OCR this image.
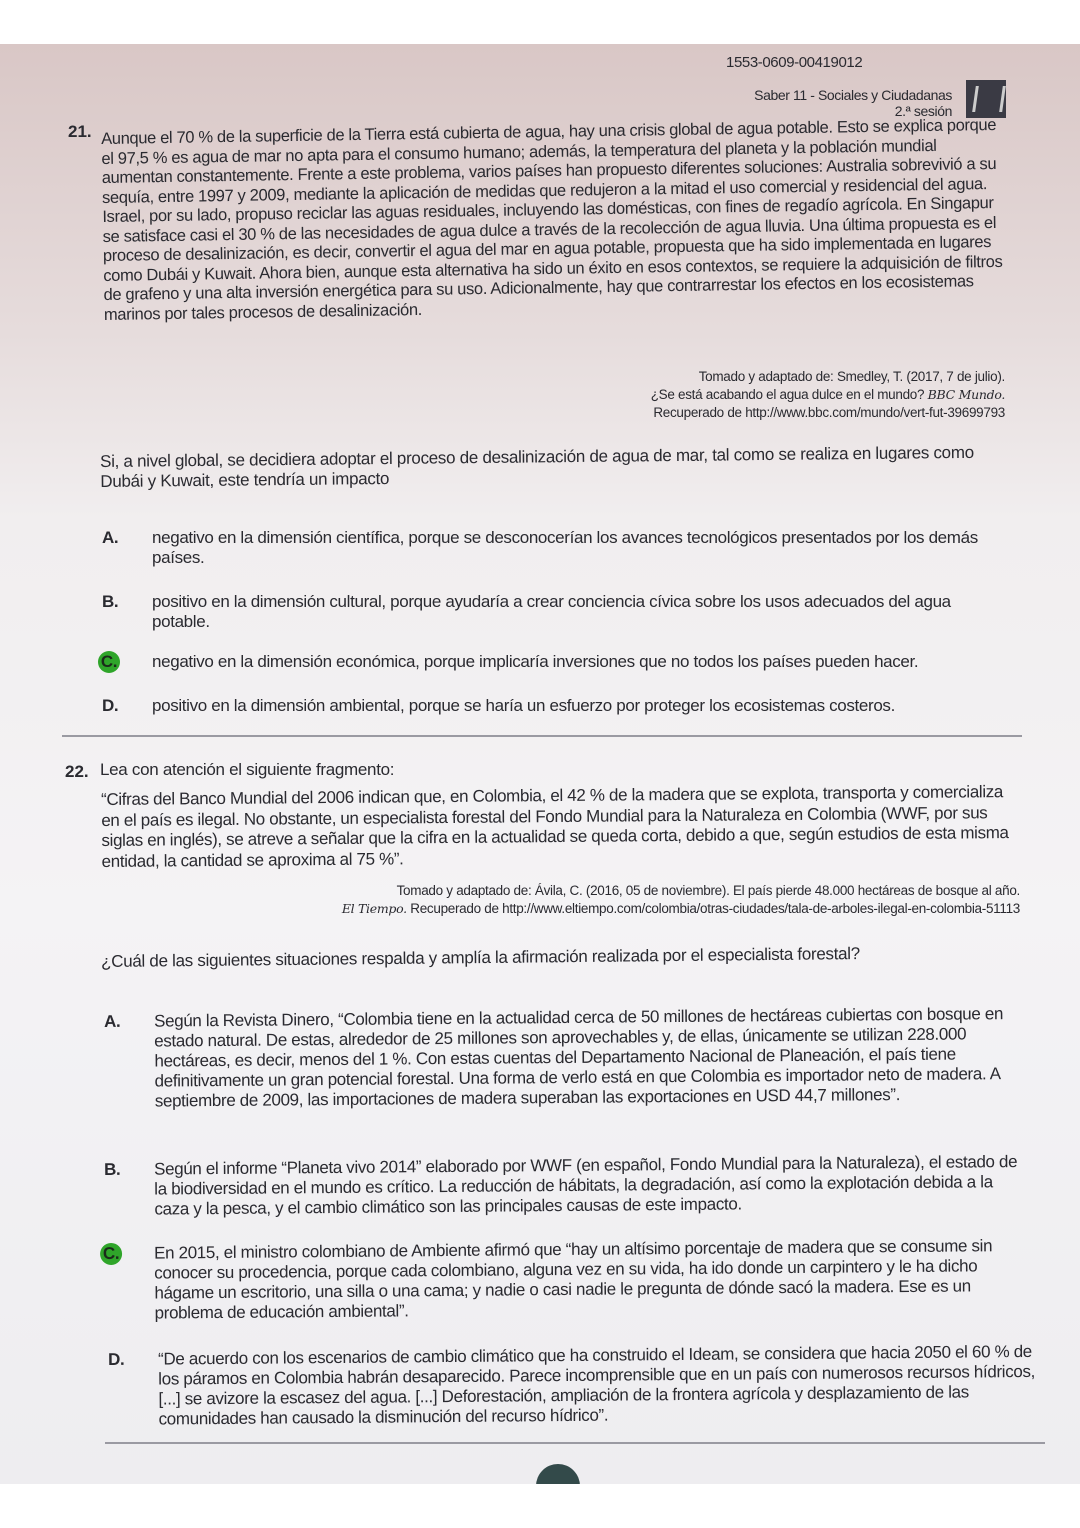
1553-0609-00419012
Saber 11 - Sociales y Ciudadanas
2.ª sesión
21. Aunque el 70 % de la superficie de la Tierra está cubierta de agua, hay una crisis global de agua potable. Esto se explica porque el 97,5 % es agua de mar no apta para el consumo humano; además, la temperatura del planeta y la población mundial aumentan constantemente. Frente a este problema, varios países han propuesto diferentes soluciones: Australia sobrevivió a su sequía, entre 1997 y 2009, mediante la aplicación de medidas que redujeron a la mitad el uso comercial y residencial del agua. Israel, por su lado, propuso reciclar las aguas residuales, incluyendo las domésticas, con fines de regadío agrícola. En Singapur se satisface casi el 30 % de las necesidades de agua dulce a través de la recolección de agua lluvia. Una última propuesta es el proceso de desalinización, es decir, convertir el agua del mar en agua potable, propuesta que ha sido implementada en lugares como Dubái y Kuwait. Ahora bien, aunque esta alternativa ha sido un éxito en esos contextos, se requiere la adquisición de filtros de grafeno y una alta inversión energética para su uso. Adicionalmente, hay que contrarrestar los efectos en los ecosistemas marinos por tales procesos de desalinización.
Tomado y adaptado de: Smedley, T. (2017, 7 de julio).
¿Se está acabando el agua dulce en el mundo? BBC Mundo.
Recuperado de http://www.bbc.com/mundo/vert-fut-39699793
Si, a nivel global, se decidiera adoptar el proceso de desalinización de agua de mar, tal como se realiza en lugares como Dubái y Kuwait, este tendría un impacto
A. negativo en la dimensión científica, porque se desconocerían los avances tecnológicos presentados por los demás países.
B. positivo en la dimensión cultural, porque ayudaría a crear conciencia cívica sobre los usos adecuados del agua potable.
C. negativo en la dimensión económica, porque implicaría inversiones que no todos los países pueden hacer.
D. positivo en la dimensión ambiental, porque se haría un esfuerzo por proteger los ecosistemas costeros.
22. Lea con atención el siguiente fragmento:
“Cifras del Banco Mundial del 2006 indican que, en Colombia, el 42 % de la madera que se explota, transporta y comercializa en el país es ilegal. No obstante, un especialista forestal del Fondo Mundial para la Naturaleza en Colombia (WWF, por sus siglas en inglés), se atreve a señalar que la cifra en la actualidad se queda corta, debido a que, según estudios de esta misma entidad, la cantidad se aproxima al 75 %”.
Tomado y adaptado de: Ávila, C. (2016, 05 de noviembre). El país pierde 48.000 hectáreas de bosque al año.
El Tiempo. Recuperado de http://www.eltiempo.com/colombia/otras-ciudades/tala-de-arboles-ilegal-en-colombia-51113
¿Cuál de las siguientes situaciones respalda y amplía la afirmación realizada por el especialista forestal?
A. Según la Revista Dinero, “Colombia tiene en la actualidad cerca de 50 millones de hectáreas cubiertas con bosque en estado natural. De estas, alrededor de 25 millones son aprovechables y, de ellas, únicamente se utilizan 228.000 hectáreas, es decir, menos del 1 %. Con estas cuentas del Departamento Nacional de Planeación, el país tiene definitivamente un gran potencial forestal. Una forma de verlo está en que Colombia es importador neto de madera. A septiembre de 2009, las importaciones de madera superaban las exportaciones en USD 44,7 millones”.
B. Según el informe “Planeta vivo 2014” elaborado por WWF (en español, Fondo Mundial para la Naturaleza), el estado de la biodiversidad en el mundo es crítico. La reducción de hábitats, la degradación, así como la explotación debida a la caza y la pesca, y el cambio climático son las principales causas de este impacto.
C. En 2015, el ministro colombiano de Ambiente afirmó que “hay un altísimo porcentaje de madera que se consume sin conocer su procedencia, porque cada colombiano, alguna vez en su vida, ha ido donde un carpintero y le ha dicho hágame un escritorio, una silla o una cama; y nadie o casi nadie le pregunta de dónde sacó la madera. Ese es un problema de educación ambiental”.
D. “De acuerdo con los escenarios de cambio climático que ha construido el Ideam, se considera que hacia 2050 el 60 % de los páramos en Colombia habrán desaparecido. Parece incomprensible que en un país con numerosos recursos hídricos, [...] se avizore la escasez del agua. [...] Deforestación, ampliación de la frontera agrícola y desplazamiento de las comunidades han causado la disminución del recurso hídrico”.
